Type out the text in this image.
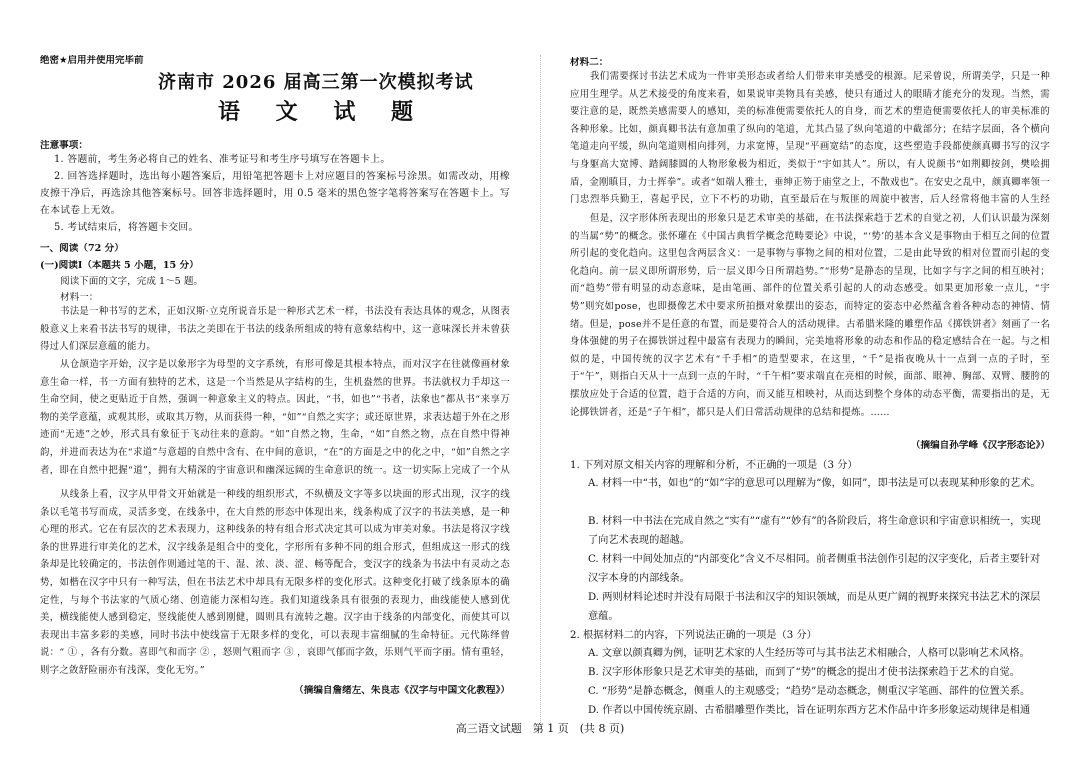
绝密★启用并使用完毕前
济南市 2026 届高三第一次模拟考试
语 文 试 题
注意事项：
1. 答题前，考生务必将自己的姓名、准考证号和考生序号填写在答题卡上。
2. 回答选择题时，选出每小题答案后，用铅笔把答题卡上对应题目的答案标号涂黑。如需改动，用橡皮擦干净后，再选涂其他答案标号。回答非选择题时，用 0.5 毫米的黑色签字笔将答案写在答题卡上。写在本试卷上无效。
5. 考试结束后，将答题卡交回。
一、阅读（72 分）
(一)阅读Ⅰ（本题共 5 小题，15 分）
阅读下面的文字，完成 1～5 题。
材料一：
书法是一种书写的艺术，正如汉斯·立克所说音乐是一种形式艺术一样，书法没有表达具体的观念，从图表般意义上来看书法书写的规律，书法之美即在于书法的线条所组成的特有意象结构中，这一意味深长并未曾获得过人们深层意蕴的能力。
从仓颉造字开始，汉字是以象形字为母型的文字系统，有形可像是其根本特点，而对汉字在往就像画材象意生命一样，书一方面有独特的艺术，这是一个当然是从字结构的生，生机盎然的世界。书法就权力手却这一生命空间，使之更贴近于自然，强调一种意象主义的特点。因此，“书，如也”“书者，法象也”都从书“来享万物的美学意蕴，或观其形，或取其万物，从而获得一种，“如”“自然之实字；或还原世界，求表达超于外在之形迹而“无迹”之妙，形式具有象征于飞动往来的意韵。“如”自然之物，生命，“如”自然之物，点在自然中得神韵，并进而表达为在“求道”与意超的自然中含有、在中间的意识，“在”的方面是之中的化之中，“如”自然之字者，即在自然中把握“道”，拥有大精深的宇宙意识和幽深远阔的生命意识的统一。这一切实际上完成了一个从
从线条上看，汉字从甲骨文开始就是一种线的组织形式，不纵横及文字等多以块面的形式出现，汉字的线条以毛笔书写而成，灵活多变，在线条中，在大自然的形态中体现出来，线条构成了汉字的书法美感，是一种心理的形式。它在有层次的艺术表现力，这种线条的特有组合形式决定其可以成为审美对象。书法是将汉字线条的世界进行审美化的艺术，汉字线条是组合中的变化，字形所有多种不同的组合形式，但组成这一形式的线条却是比较确定的，书法创作则通过笔的干、湿、浓、淡、涩、畅等配合，变汉字的线条为书法中有灵动之态势，如楷在汉字中只有一种写法，但在书法艺术中却具有无限多样的变化形式。这种变化打破了线条原本的确定性，与每个书法家的气质心绪、创造能力深相勾连。我们知道线条具有很强的表现力，曲线能使人感到优美，横线能使人感到稳定，竖线能使人感到刚健，圆则具有流转之趣。汉字由于线条的内部变化，而使其可以表现出丰富多彩的美感，同时书法中使线富于无限多样的变化，可以表现丰富细腻的生命特征。元代陈绎曾说：“ ① ，各有分数。喜即气和而字 ② ，怒则气粗而字 ③ ，哀即气郁而字敛，乐则气平而字丽。情有重轻，则字之敛舒险丽亦有浅深，变化无穷。”
（摘编自詹绪左、朱良志《汉字与中国文化教程》）
材料二：
我们需要探讨书法艺术成为一件审美形态或者给人们带来审美感受的根源。尼采曾说，所谓美学，只是一种应用生理学。从艺术接受的角度来看，如果说审美物具有美感，使只有通过人的眼睛才能充分的发现。当然，需要注意的是，既然美感需要人的感知，美的标准便需要依托人的自身，而艺术的塑造便需要依托人的审美标准的各种形象。比如，颜真卿书法有意加重了纵向的笔道，尤其凸显了纵向笔道的中截部分；在结字层面，各个横向笔道走向平缓，纵向笔道则相向排列，力求宽博，呈现“平画宽结”的态度，这些塑造手段都使颜真卿书写的汉字与身躯高大宽博、踏阔膝圆的人物形象极为相近，类似于“宇如其人”。所以，有人说颜书“如荆卿按剑，樊哙拥盾，金刚瞋目，力士挥拳”。或者“如端人雅士，垂绅正笏于庙堂之上，不散戏也”。在安史之乱中，颜真卿率领一门忠烈举兵勤王，喜起乎民，立下不朽的功勋，直至最后在与叛匪的周旋中被害，后人经常将他丰富的人生经
但是，汉字形体所表现出的形象只是艺术审美的基础，在书法探索趋于艺术的自觉之初，人们认识最为深刻的当属“势”的概念。张怀瓘在《中国古典哲学概念范畴要论》中说，“‘势’的基本含义是事物由于相互之间的位置所引起的变化趋向。这里包含两层含义：一是事物与事物之间的相对位置，二是由此导致的相对位置而引起的变化趋向。前一层义即所谓形势，后一层义即今日所谓趋势。”“形势”是静态的呈现，比如字与字之间的相互映衬；而“趋势”带有明显的动态意味，是由笔画、部件的位置关系引起的人的动态感受。如果更加形象一点儿，“宇势”则究如pose，也即摄像艺术中要求所拍摄对象摆出的姿态，而特定的姿态中必然蕴含着各种动态的神情、情绪。但是，pose并不是任意的布置，而是要符合人的活动规律。古希腊米隆的雕塑作品《掷铁饼者》刻画了一名身体强健的男子在掷铁饼过程中最富有表现力的瞬间，完美地将形象的动态和作品的稳定感结合在一起。与之相似的是，中国传统的汉字艺术有“千手相”的造型要求，在这里，“千”是指夜晚从十一点到一点的子时，至于“午”，则指白天从十一点到一点的午时，“千午相”要求端直在亮相的时候，面部、眼神、胸部、双臂、腰胯的摆放应处于合适的位置，趋于合适的方向，而又能互相映衬，从而达到整个身体的动态平衡，需要指出的是，无论掷铁饼者，还是“子午相”，都只是人们日常活动规律的总结和提炼。……
（摘编自孙学峰《汉字形态论》）
1. 下列对原文相关内容的理解和分析，不正确的一项是（3 分）
A. 材料一中“书，如也”的“如”字的意思可以理解为“像，如同”，即书法是可以表现某种形象的艺术。
B. 材料一中书法在完成自然之“实有”“虚有”“妙有”的各阶段后，将生命意识和宇宙意识相统一，实现了向艺术表现的超越。
C. 材料一中间处加点的“内部变化”含义不尽相同。前者侧重书法创作引起的汉字变化，后者主要针对汉字本身的内部线条。
D. 两则材料论述时并没有局限于书法和汉字的知识领域，而是从更广阔的视野来探究书法艺术的深层意蕴。
2. 根据材料二的内容，下列说法正确的一项是（3 分）
A. 文章以颜真卿为例，证明艺术家的人生经历等可与其书法艺术相融合，人格可以影响艺术风格。
B. 汉字形体形象只是艺术审美的基础，而到了“势”的概念的提出才使书法探索趋于艺术的自觉。
C. “形势”是静态概念，侧重人的主观感受；“趋势”是动态概念，侧重汉字笔画、部件的位置关系。
D. 作者以中国传统京剧、古希腊雕塑作类比，旨在证明东西方艺术作品中许多形象运动规律是相通
高三语文试题　第 1 页　(共 8 页)
